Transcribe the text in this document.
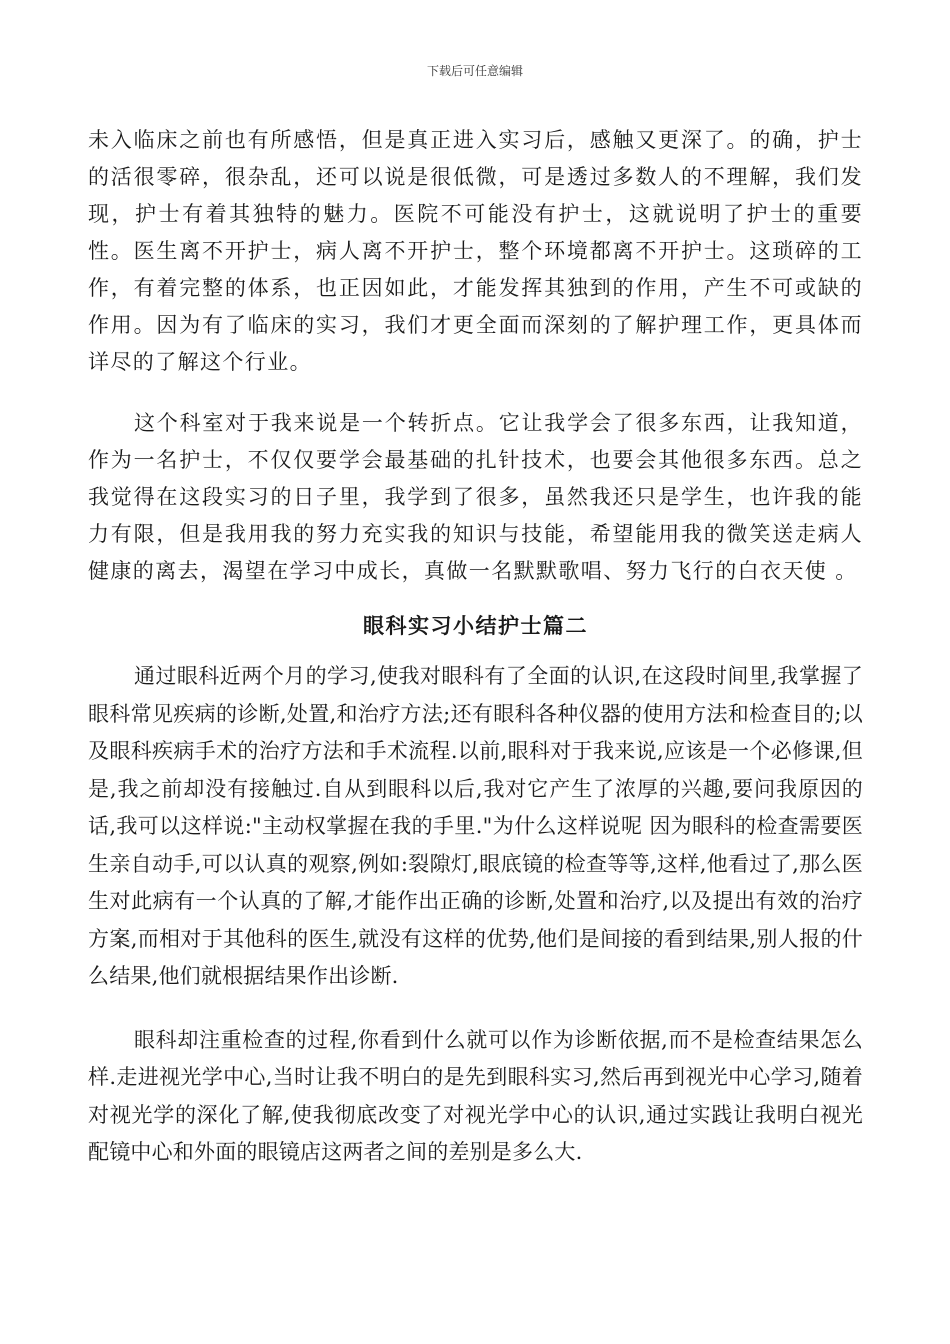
下载后可任意编辑

未入临床之前也有所感悟，但是真正进入实习后，感触又更深了。的确，护士的活很零碎，很杂乱，还可以说是很低微，可是透过多数人的不理解，我们发现，护士有着其独特的魅力。医院不可能没有护士，这就说明了护士的重要性。医生离不开护士，病人离不开护士，整个环境都离不开护士。这琐碎的工作，有着完整的体系，也正因如此，才能发挥其独到的作用，产生不可或缺的作用。因为有了临床的实习，我们才更全面而深刻的了解护理工作，更具体而详尽的了解这个行业。

这个科室对于我来说是一个转折点。它让我学会了很多东西，让我知道，作为一名护士，不仅仅要学会最基础的扎针技术，也要会其他很多东西。总之我觉得在这段实习的日子里，我学到了很多，虽然我还只是学生，也许我的能力有限，但是我用我的努力充实我的知识与技能，希望能用我的微笑送走病人健康的离去，渴望在学习中成长，真做一名默默歌唱、努力飞行的白衣天使 。

眼科实习小结护士篇二

通过眼科近两个月的学习,使我对眼科有了全面的认识,在这段时间里,我掌握了眼科常见疾病的诊断,处置,和治疗方法;还有眼科各种仪器的使用方法和检查目的;以及眼科疾病手术的治疗方法和手术流程.以前,眼科对于我来说,应该是一个必修课,但是,我之前却没有接触过.自从到眼科以后,我对它产生了浓厚的兴趣,要问我原因的话,我可以这样说:"主动权掌握在我的手里."为什么这样说呢 因为眼科的检查需要医生亲自动手,可以认真的观察,例如:裂隙灯,眼底镜的检查等等,这样,他看过了,那么医生对此病有一个认真的了解,才能作出正确的诊断,处置和治疗,以及提出有效的治疗方案,而相对于其他科的医生,就没有这样的优势,他们是间接的看到结果,别人报的什么结果,他们就根据结果作出诊断.

眼科却注重检查的过程,你看到什么就可以作为诊断依据,而不是检查结果怎么样.走进视光学中心,当时让我不明白的是先到眼科实习,然后再到视光中心学习,随着对视光学的深化了解,使我彻底改变了对视光学中心的认识,通过实践让我明白视光配镜中心和外面的眼镜店这两者之间的差别是多么大.
